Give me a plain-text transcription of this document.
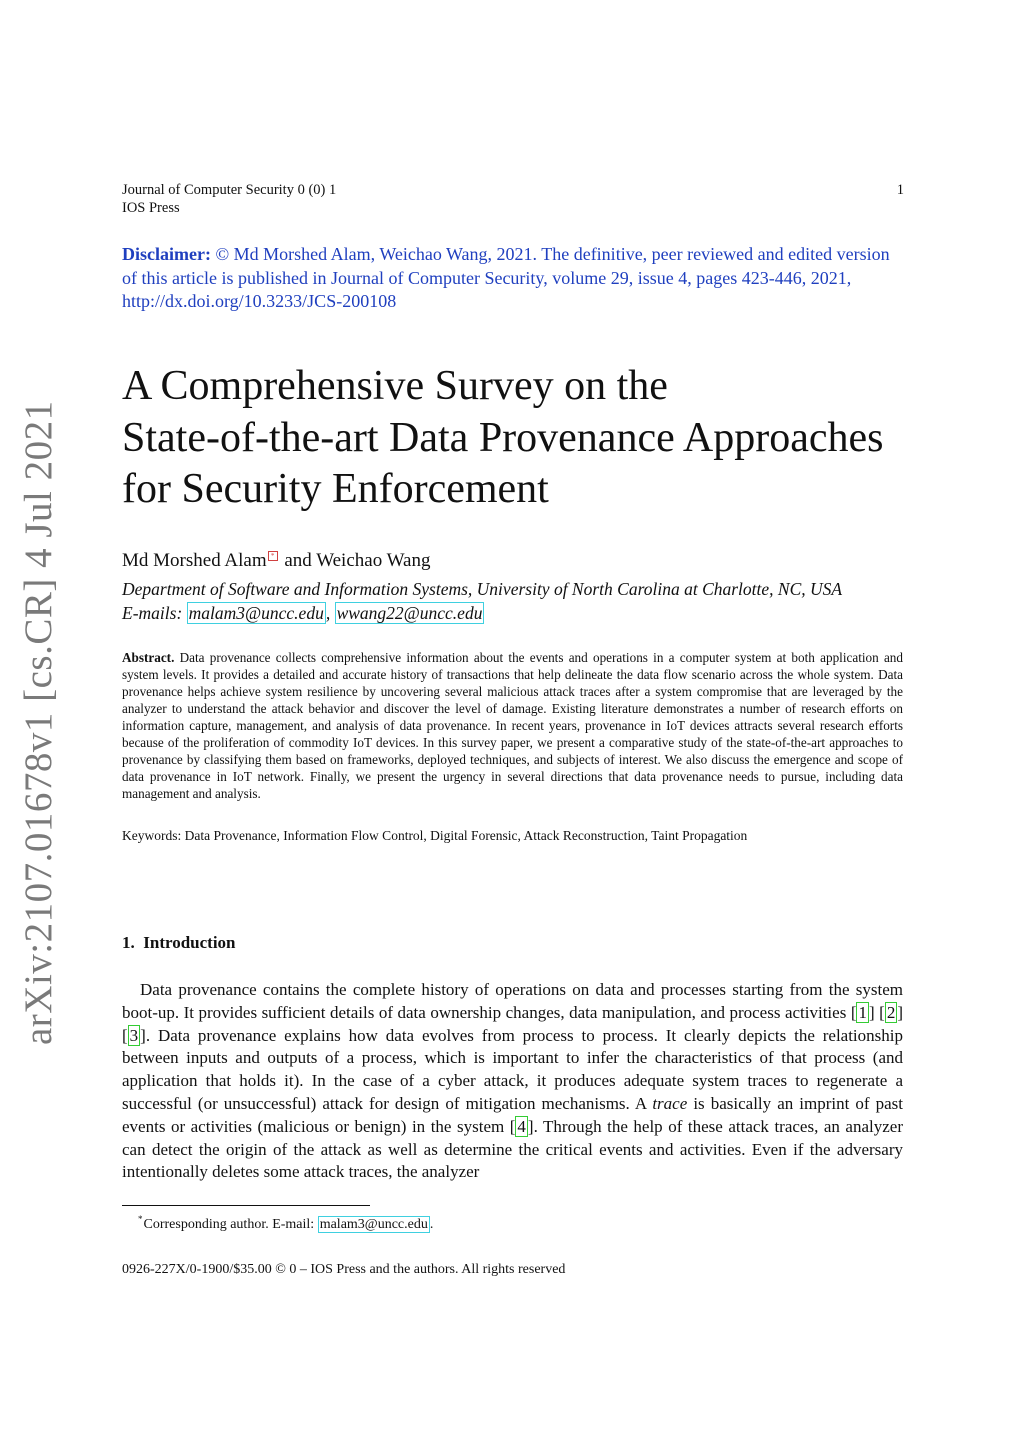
arXiv:2107.01678v1 [cs.CR] 4 Jul 2021
Journal of Computer Security 0 (0) 1
IOS Press
1
Disclaimer: © Md Morshed Alam, Weichao Wang, 2021. The definitive, peer reviewed and edited version of this article is published in Journal of Computer Security, volume 29, issue 4, pages 423-446, 2021, http://dx.doi.org/10.3233/JCS-200108
A Comprehensive Survey on the
State-of-the-art Data Provenance Approaches
for Security Enforcement
Md Morshed Alam * and Weichao Wang
Department of Software and Information Systems, University of North Carolina at Charlotte, NC, USA
E-mails: malam3@uncc.edu , wwang22@uncc.edu
Abstract. Data provenance collects comprehensive information about the events and operations in a computer system at both application and system levels. It provides a detailed and accurate history of transactions that help delineate the data flow scenario across the whole system. Data provenance helps achieve system resilience by uncovering several malicious attack traces after a system compromise that are leveraged by the analyzer to understand the attack behavior and discover the level of damage. Existing literature demonstrates a number of research efforts on information capture, management, and analysis of data provenance. In recent years, provenance in IoT devices attracts several research efforts because of the proliferation of commodity IoT devices. In this survey paper, we present a comparative study of the state-of-the-art approaches to provenance by classifying them based on frameworks, deployed techniques, and subjects of interest. We also discuss the emergence and scope of data provenance in IoT network. Finally, we present the urgency in several directions that data provenance needs to pursue, including data management and analysis.
Keywords: Data Provenance, Information Flow Control, Digital Forensic, Attack Reconstruction, Taint Propagation
1. Introduction

Data provenance contains the complete history of operations on data and processes starting from the system boot-up. It provides sufficient details of data ownership changes, data manipulation, and process activities [ 1 ] [ 2 ] [ 3 ]. Data provenance explains how data evolves from process to process. It clearly depicts the relationship between inputs and outputs of a process, which is important to infer the characteristics of that process (and application that holds it). In the case of a cyber attack, it produces adequate system traces to regenerate a successful (or unsuccessful) attack for design of mitigation mechanisms. A trace is basically an imprint of past events or activities (malicious or benign) in the system [ 4 ]. Through the help of these attack traces, an analyzer can detect the origin of the attack as well as determine the critical events and activities. Even if the adversary intentionally deletes some attack traces, the analyzer

*Corresponding author. E-mail: malam3@uncc.edu .
0926-227X/0-1900/$35.00 © 0 – IOS Press and the authors. All rights reserved
